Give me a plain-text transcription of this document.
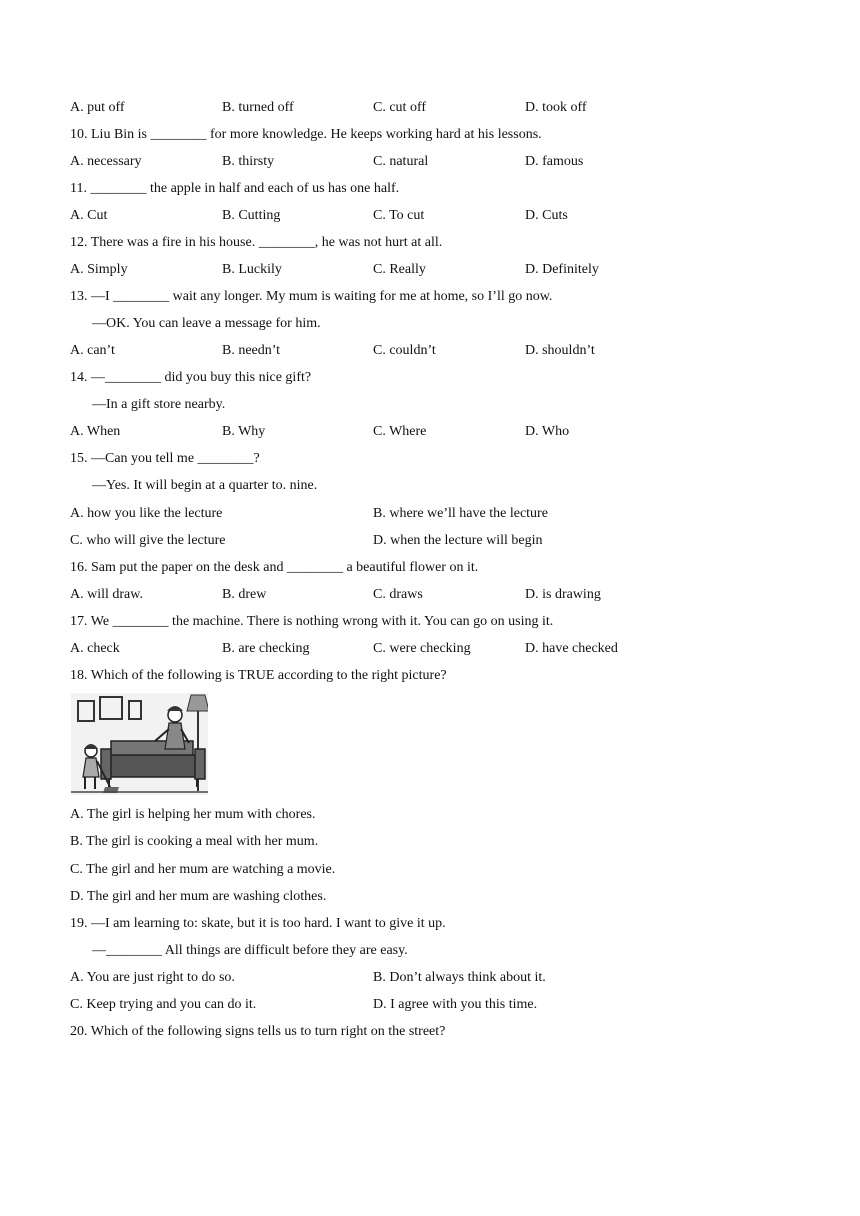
A. put off	B. turned off	C. cut off	D. took off
10. Liu Bin is ________ for more knowledge. He keeps working hard at his lessons.
A. necessary	B. thirsty	C. natural	D. famous
11. ________ the apple in half and each of us has one half.
A. Cut	B. Cutting	C. To cut	D. Cuts
12. There was a fire in his house. ________, he was not hurt at all.
A. Simply	B. Luckily	C. Really	D. Definitely
13. —I ________ wait any longer. My mum is waiting for me at home, so I’ll go now.
—OK. You can leave a message for him.
A. can’t	B. needn’t	C. couldn’t	D. shouldn’t
14. —________ did you buy this nice gift?
—In a gift store nearby.
A. When	B. Why	C. Where	D. Who
15. —Can you tell me ________?
—Yes. It will begin at a quarter to. nine.
A. how you like the lecture	B. where we’ll have the lecture
C. who will give the lecture	D. when the lecture will begin
16. Sam put the paper on the desk and ________ a beautiful flower on it.
A. will draw.	B. drew	C. draws	D. is drawing
17. We ________ the machine. There is nothing wrong with it. You can go on using it.
A. check	B. are checking	C. were checking	D. have checked
18. Which of the following is TRUE according to the right picture?
A. The girl is helping her mum with chores.
B. The girl is cooking a meal with her mum.
C. The girl and her mum are watching a movie.
D. The girl and her mum are washing clothes.
19. —I am learning to: skate, but it is too hard. I want to give it up.
—________ All things are difficult before they are easy.
A. You are just right to do so.	B. Don’t always think about it.
C. Keep trying and you can do it.	D. I agree with you this time.
20. Which of the following signs tells us to turn right on the street?
